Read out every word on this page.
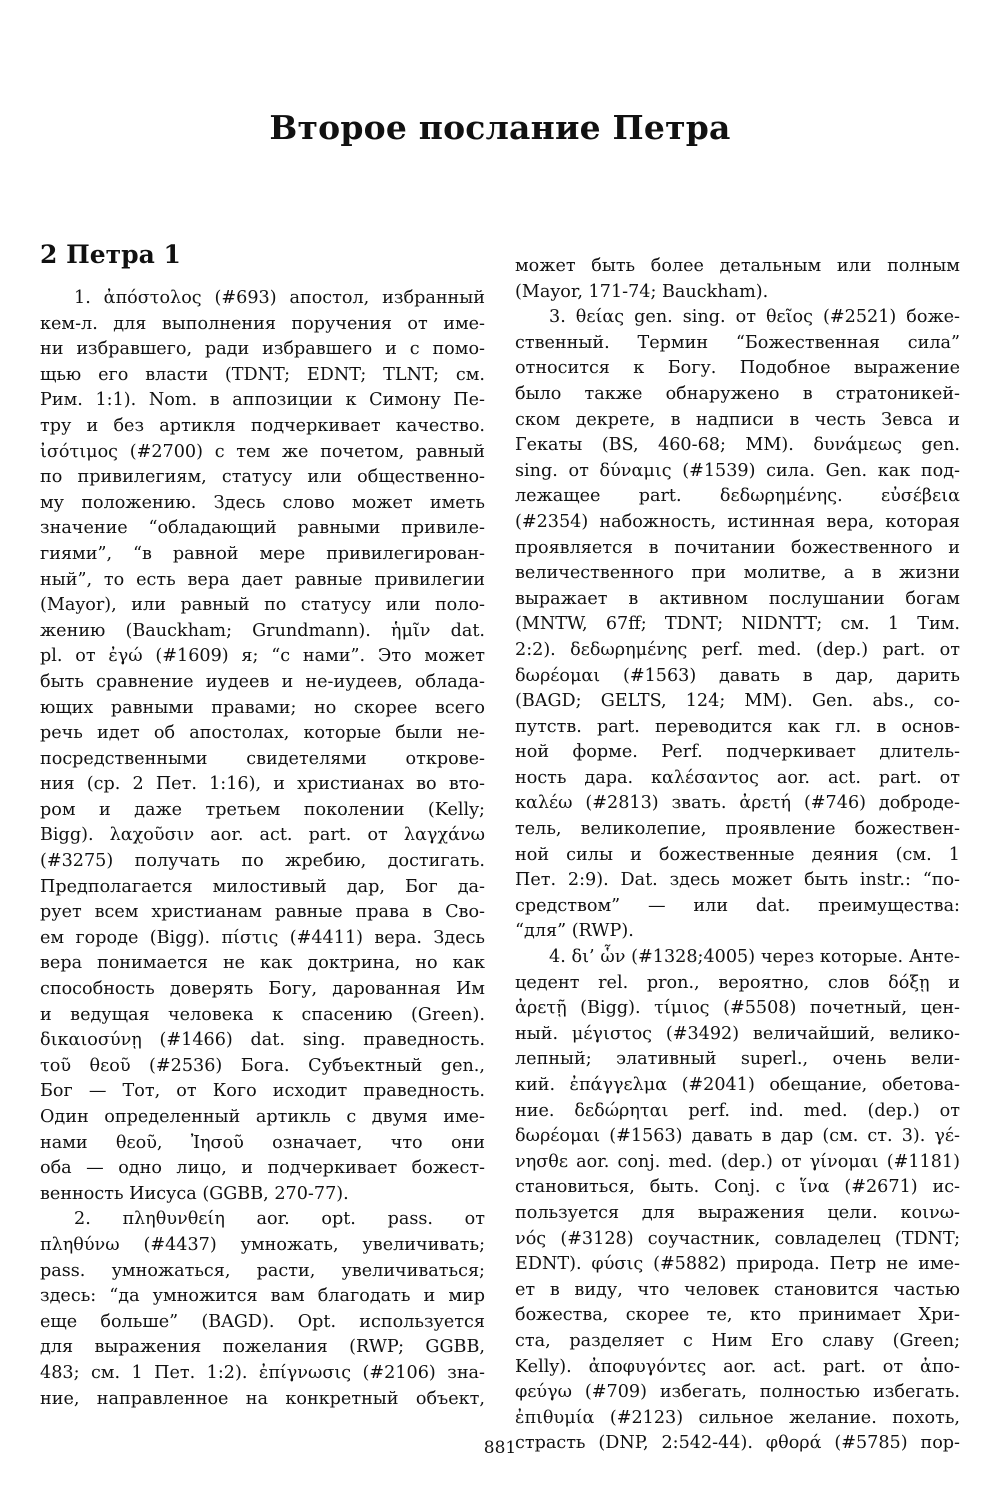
Второе послание Петра
2 Петра 1
1. ἀπόστολος (#693) апостол, избранный
кем-л. для выполнения поручения от име-
ни избравшего, ради избравшего и с помо-
щью его власти (TDNT; EDNT; TLNT; см.
Рим. 1:1). Nom. в аппозиции к Симону Пе-
тру и без артикля подчеркивает качество.
ἰσότιμος (#2700) с тем же почетом, равный
по привилегиям, статусу или общественно-
му положению. Здесь слово может иметь
значение “обладающий равными привиле-
гиями”, “в равной мере привилегирован-
ный”, то есть вера дает равные привилегии
(Mayor), или равный по статусу или поло-
жению (Bauckham; Grundmann). ἡμῖν dat.
pl. от ἐγώ (#1609) я; “с нами”. Это может
быть сравнение иудеев и не-иудеев, облада-
ющих равными правами; но скорее всего
речь идет об апостолах, которые были не-
посредственными свидетелями открове-
ния (ср. 2 Пет. 1:16), и христианах во вто-
ром и даже третьем поколении (Kelly;
Bigg). λαχοῦσιν aor. act. part. от λαγχάνω
(#3275) получать по жребию, достигать.
Предполагается милостивый дар, Бог да-
рует всем христианам равные права в Сво-
ем городе (Bigg). πίστις (#4411) вера. Здесь
вера понимается не как доктрина, но как
способность доверять Богу, дарованная Им
и ведущая человека к спасению (Green).
δικαιοσύνῃ (#1466) dat. sing. праведность.
τοῦ θεοῦ (#2536) Бога. Субъектный gen.,
Бог — Тот, от Кого исходит праведность.
Один определенный артикль с двумя име-
нами θεοῦ, Ἰησοῦ означает, что они
оба — одно лицо, и подчеркивает божест-
венность Иисуса (GGBB, 270-77).
2. πληθυνθείη aor. opt. pass. от
πληθύνω (#4437) умножать, увеличивать;
pass. умножаться, расти, увеличиваться;
здесь: “да умножится вам благодать и мир
еще больше” (BAGD). Opt. используется
для выражения пожелания (RWP; GGBB,
483; см. 1 Пет. 1:2). ἐπίγνωσις (#2106) зна-
ние, направленное на конкретный объект,
может быть более детальным или полным
(Mayor, 171-74; Bauckham).
3. θείας gen. sing. от θεῖος (#2521) боже-
ственный. Термин “Божественная сила”
относится к Богу. Подобное выражение
было также обнаружено в стратоникей-
ском декрете, в надписи в честь Зевса и
Гекаты (BS, 460-68; MM). δυνάμεως gen.
sing. от δύναμις (#1539) сила. Gen. как под-
лежащее part. δεδωρημένης. εὐσέβεια
(#2354) набожность, истинная вера, которая
проявляется в почитании божественного и
величественного при молитве, а в жизни
выражает в активном послушании богам
(MNTW, 67ff; TDNT; NIDNTT; см. 1 Тим.
2:2). δεδωρημένης perf. med. (dep.) part. от
δωρέομαι (#1563) давать в дар, дарить
(BAGD; GELTS, 124; MM). Gen. abs., со-
путств. part. переводится как гл. в основ-
ной форме. Perf. подчеркивает длитель-
ность дара. καλέσαντος aor. act. part. от
καλέω (#2813) звать. ἀρετή (#746) доброде-
тель, великолепие, проявление божествен-
ной силы и божественные деяния (см. 1
Пет. 2:9). Dat. здесь может быть instr.: “по-
средством” — или dat. преимущества:
“для” (RWP).
4. δι’ ὧν (#1328;4005) через которые. Анте-
цедент rel. pron., вероятно, слов δόξῃ и
ἀρετῇ (Bigg). τίμιος (#5508) почетный, цен-
ный. μέγιστος (#3492) величайший, велико-
лепный; элативный superl., очень вели-
кий. ἐπάγγελμα (#2041) обещание, обетова-
ние. δεδώρηται perf. ind. med. (dep.) от
δωρέομαι (#1563) давать в дар (см. ст. 3). γέ-
νησθε aor. conj. med. (dep.) от γίνομαι (#1181)
становиться, быть. Conj. с ἵνα (#2671) ис-
пользуется для выражения цели. κοινω-
νός (#3128) соучастник, совладелец (TDNT;
EDNT). φύσις (#5882) природа. Петр не име-
ет в виду, что человек становится частью
божества, скорее те, кто принимает Хри-
ста, разделяет с Ним Его славу (Green;
Kelly). ἀποφυγόντες aor. act. part. от ἀπο-
φεύγω (#709) избегать, полностью избегать.
ἐπιθυμία (#2123) сильное желание. похоть,
страсть (DNP, 2:542-44). φθορά (#5785) пор-
881
